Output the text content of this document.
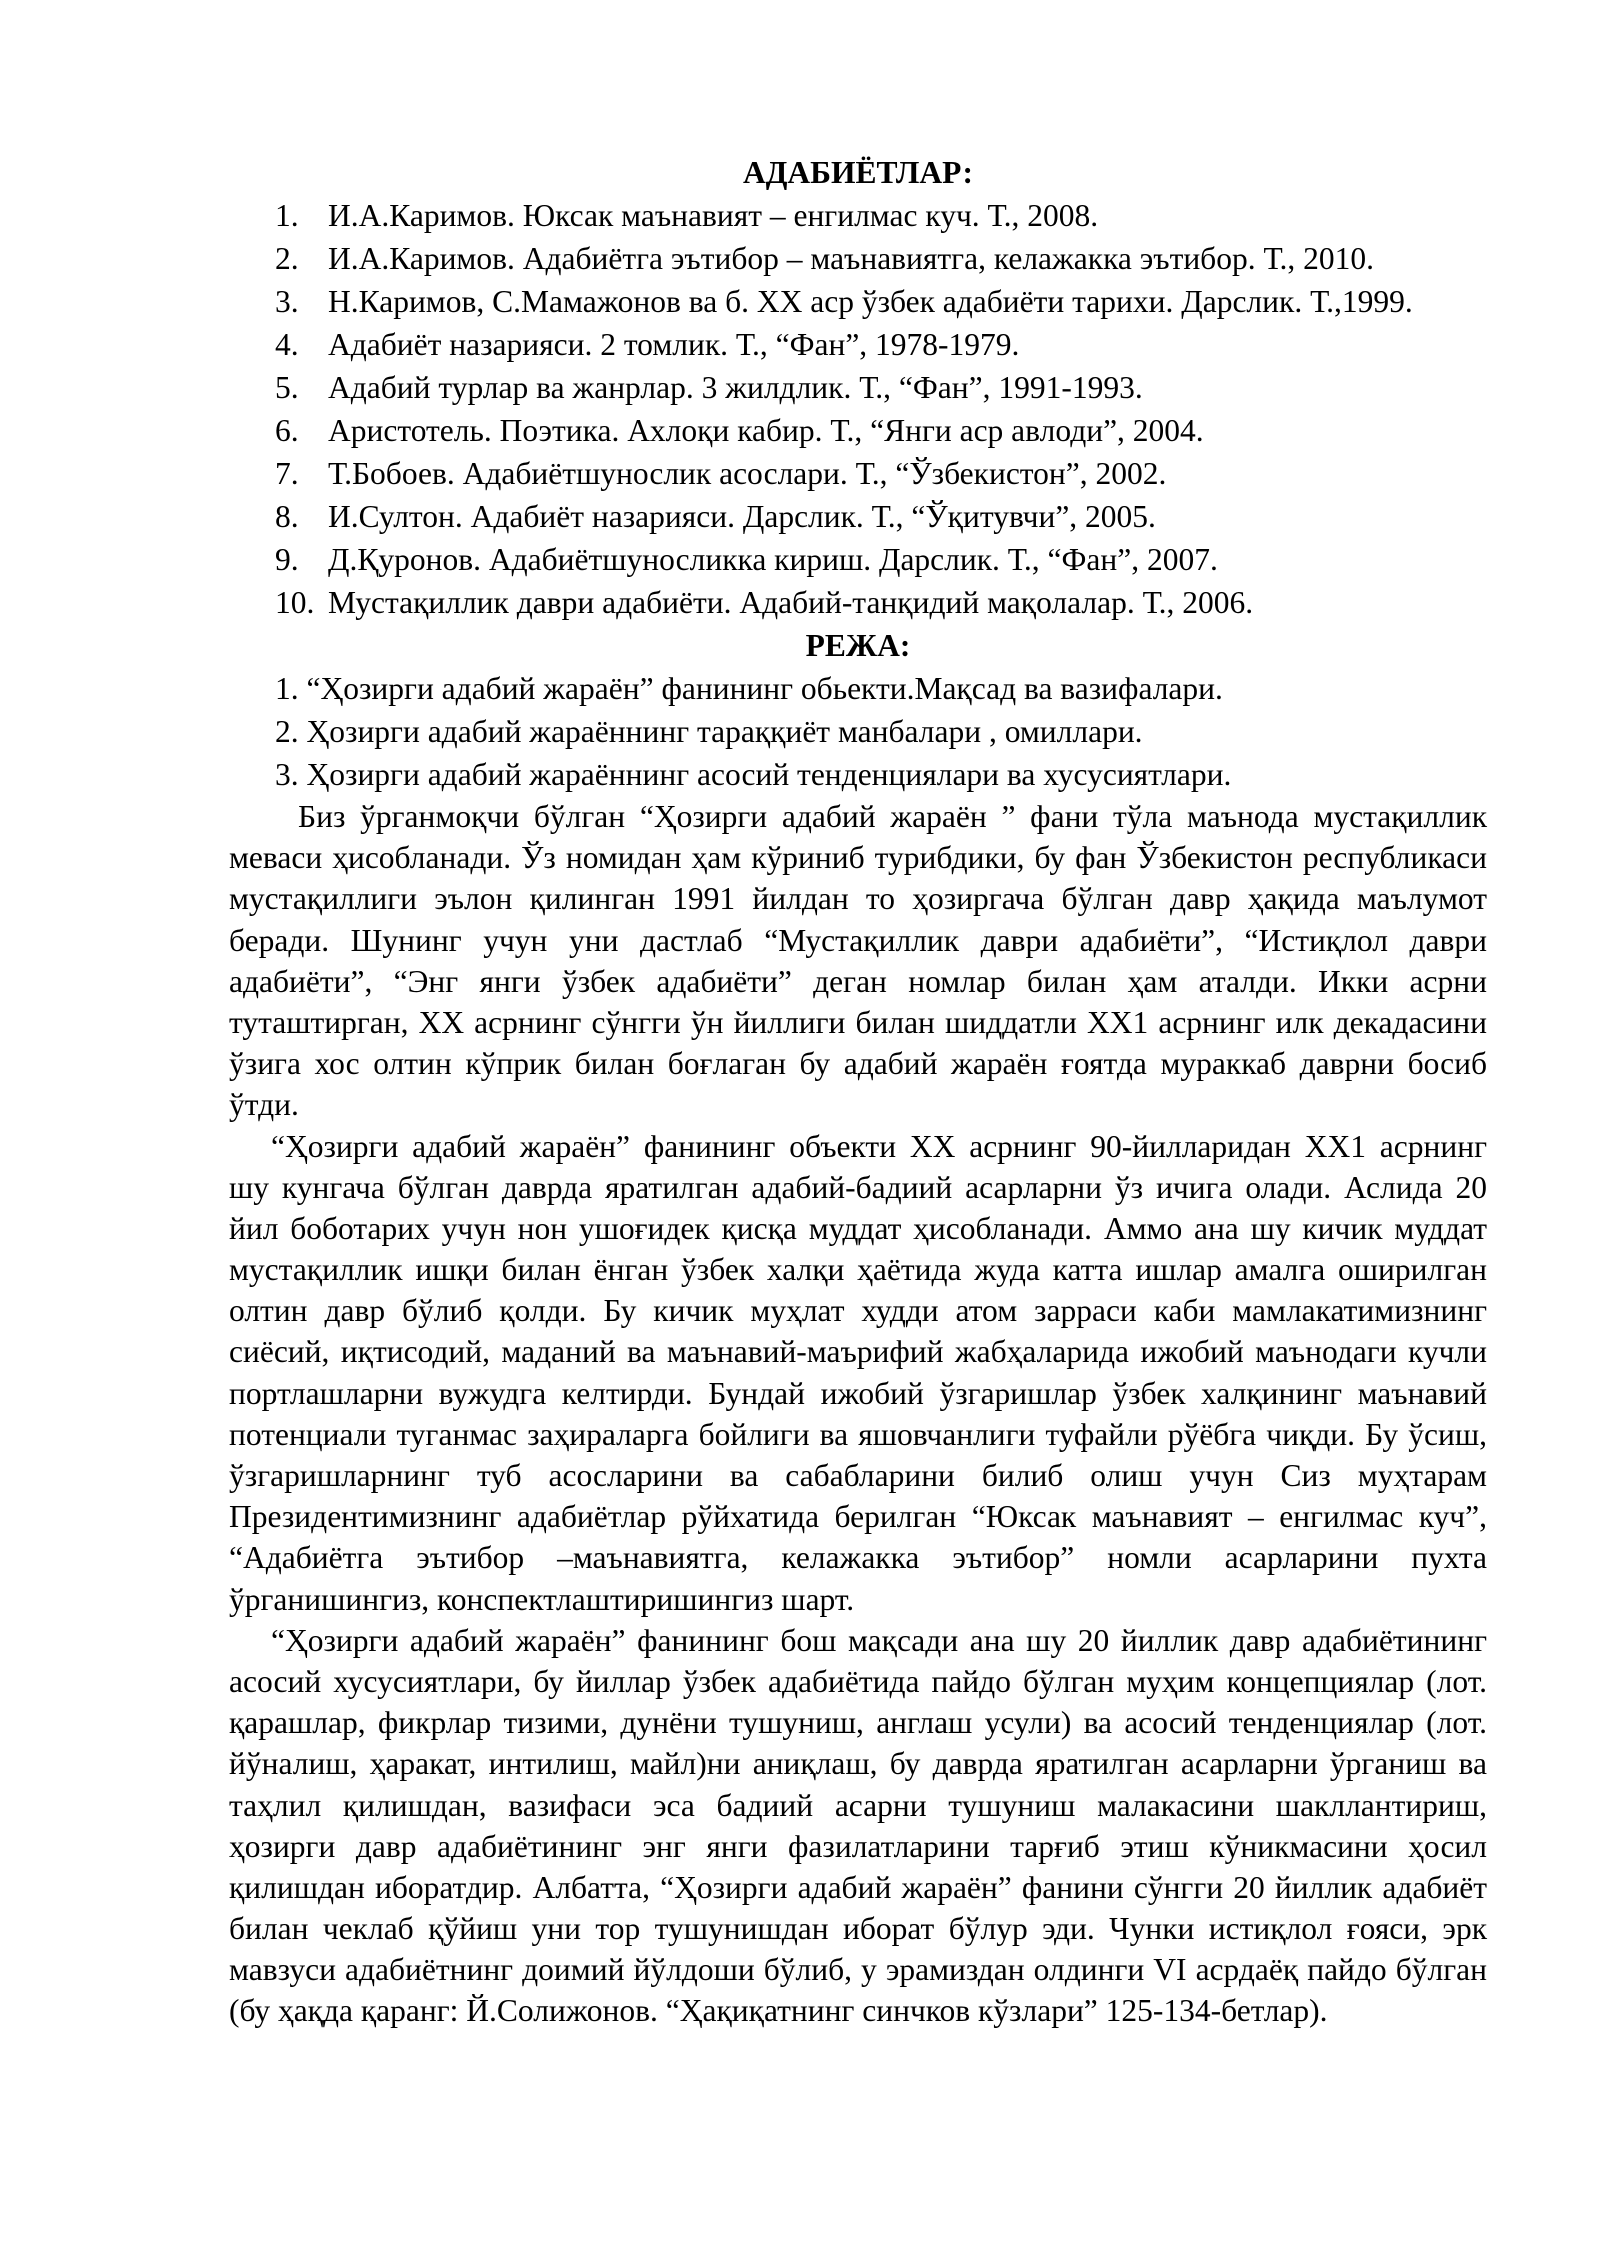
АДАБИЁТЛАР:
1. И.А.Каримов. Юксак маънавият – енгилмас куч. Т., 2008.
2. И.А.Каримов. Адабиётга эътибор – маънавиятга, келажакка эътибор. Т., 2010.
3. Н.Каримов, С.Мамажонов ва б. ХХ аср ўзбек адабиёти тарихи. Дарслик. Т.,1999.
4. Адабиёт назарияси. 2 томлик. Т., “Фан”, 1978-1979.
5. Адабий турлар ва жанрлар. 3 жилдлик. Т., “Фан”, 1991-1993.
6. Аристотель. Поэтика. Ахлоқи кабир. Т., “Янги аср авлоди”, 2004.
7. Т.Бобоев. Адабиётшунослик асослари. Т., “Ўзбекистон”, 2002.
8. И.Султон. Адабиёт назарияси. Дарслик. Т., “Ўқитувчи”, 2005.
9. Д.Қуронов. Адабиётшуносликка кириш. Дарслик. Т., “Фан”, 2007.
10. Мустақиллик даври адабиёти. Адабий-танқидий мақолалар. Т., 2006.
РЕЖА:
1. “Ҳозирги адабий жараён” фанининг обьекти.Мақсад ва вазифалари.
2. Ҳозирги адабий жараённинг тараққиёт манбалари , омиллари.
3. Ҳозирги адабий жараённинг асосий тенденциялари ва хусусиятлари.
Биз ўрганмоқчи бўлган “Ҳозирги адабий жараён ” фани тўла маънода мустақиллик
меваси ҳисобланади. Ўз номидан ҳам кўриниб турибдики, бу фан Ўзбекистон республикаси
мустақиллиги эълон қилинган 1991 йилдан то ҳозиргача бўлган давр ҳақида маълумот
беради. Шунинг учун уни дастлаб “Мустақиллик даври адабиёти”, “Истиқлол даври
адабиёти”, “Энг янги ўзбек адабиёти” деган номлар билан ҳам аталди. Икки асрни
туташтирган, ХХ асрнинг сўнгги ўн йиллиги билан шиддатли ХХ1 асрнинг илк декадасини
ўзига хос олтин кўприк билан боғлаган бу адабий жараён ғоятда мураккаб даврни босиб
ўтди.
“Ҳозирги адабий жараён” фанининг объекти ХХ асрнинг 90-йилларидан ХХ1 асрнинг
шу кунгача бўлган даврда яратилган адабий-бадиий асарларни ўз ичига олади. Аслида 20
йил боботарих учун нон ушоғидек қисқа муддат ҳисобланади. Аммо ана шу кичик муддат
мустақиллик ишқи билан ёнган ўзбек халқи ҳаётида жуда катта ишлар амалга оширилган
олтин давр бўлиб қолди. Бу кичик муҳлат худди атом зарраси каби мамлакатимизнинг
сиёсий, иқтисодий, маданий ва маънавий-маърифий жабҳаларида ижобий маънодаги кучли
портлашларни вужудга келтирди. Бундай ижобий ўзгаришлар ўзбек халқининг маънавий
потенциали туганмас заҳираларга бойлиги ва яшовчанлиги туфайли рўёбга чиқди. Бу ўсиш,
ўзгаришларнинг туб асосларини ва сабабларини билиб олиш учун Сиз муҳтарам
Президентимизнинг адабиётлар рўйхатида берилган “Юксак маънавият – енгилмас куч”,
“Адабиётга эътибор –маънавиятга, келажакка эътибор” номли асарларини пухта
ўрганишингиз, конспектлаштиришингиз шарт.
“Ҳозирги адабий жараён” фанининг бош мақсади ана шу 20 йиллик давр адабиётининг
асосий хусусиятлари, бу йиллар ўзбек адабиётида пайдо бўлган муҳим концепциялар (лот.
қарашлар, фикрлар тизими, дунёни тушуниш, англаш усули) ва асосий тенденциялар (лот.
йўналиш, ҳаракат, интилиш, майл)ни аниқлаш, бу даврда яратилган асарларни ўрганиш ва
таҳлил қилишдан, вазифаси эса бадиий асарни тушуниш малакасини шакллантириш,
ҳозирги давр адабиётининг энг янги фазилатларини тарғиб этиш кўникмасини ҳосил
қилишдан иборатдир. Албатта, “Ҳозирги адабий жараён” фанини сўнгги 20 йиллик адабиёт
билан чеклаб қўйиш уни тор тушунишдан иборат бўлур эди. Чунки истиқлол ғояси, эрк
мавзуси адабиётнинг доимий йўлдоши бўлиб, у эрамиздан олдинги VI асрдаёқ пайдо бўлган
(бу ҳақда қаранг: Й.Солижонов. “Ҳақиқатнинг синчков кўзлари” 125-134-бетлар).
